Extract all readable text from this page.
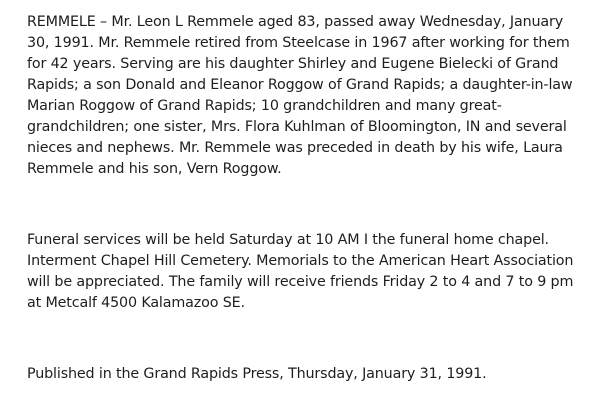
REMMELE – Mr. Leon L Remmele aged 83, passed away Wednesday, January
30, 1991. Mr. Remmele retired from Steelcase in 1967 after working for them
for 42 years. Serving are his daughter Shirley and Eugene Bielecki of Grand
Rapids; a son Donald and Eleanor Roggow of Grand Rapids; a daughter-in-law
Marian Roggow of Grand Rapids; 10 grandchildren and many great-
grandchildren; one sister, Mrs. Flora Kuhlman of Bloomington, IN and several
nieces and nephews. Mr. Remmele was preceded in death by his wife, Laura
Remmele and his son, Vern Roggow.
Funeral services will be held Saturday at 10 AM I the funeral home chapel.
Interment Chapel Hill Cemetery. Memorials to the American Heart Association
will be appreciated. The family will receive friends Friday 2 to 4 and 7 to 9 pm
at Metcalf 4500 Kalamazoo SE.
Published in the Grand Rapids Press, Thursday, January 31, 1991.
